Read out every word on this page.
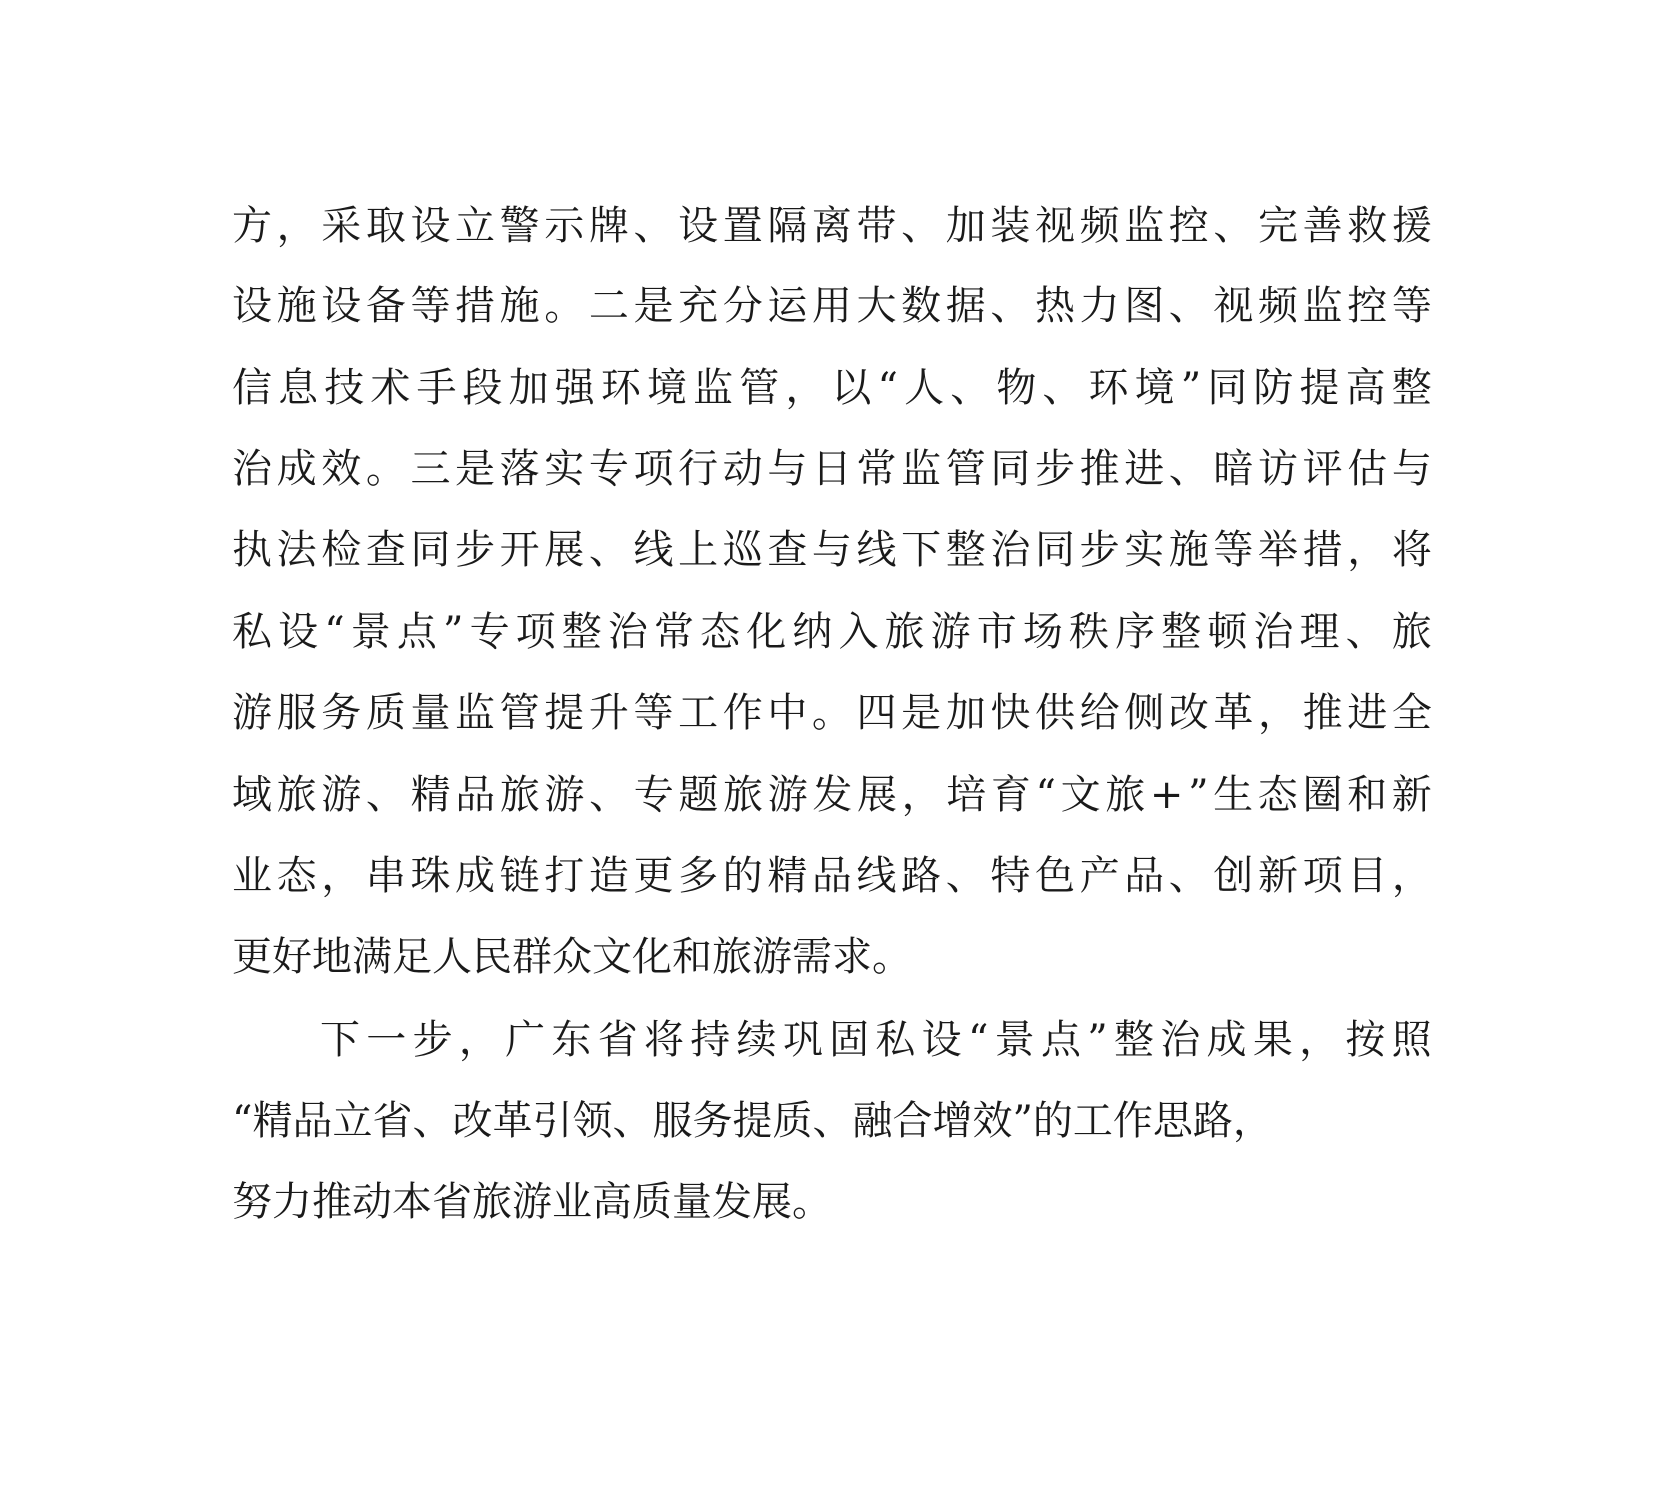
方 ， 采 取 设 立 警 示 牌 、 设 置 隔 离 带 、 加 装 视 频 监 控 、 完 善 救 援
设 施 设 备 等 措 施 。 二 是 充 分 运 用 大 数 据 、 热 力 图 、 视 频 监 控 等
信 息 技 术 手 段 加 强 环 境 监 管 ， 以 “ 人 、 物 、 环 境 ” 同 防 提 高 整
治 成 效 。 三 是 落 实 专 项 行 动 与 日 常 监 管 同 步 推 进 、 暗 访 评 估 与
执 法 检 查 同 步 开 展 、 线 上 巡 查 与 线 下 整 治 同 步 实 施 等 举 措 ， 将
私 设 “ 景 点 ” 专 项 整 治 常 态 化 纳 入 旅 游 市 场 秩 序 整 顿 治 理 、 旅
游 服 务 质 量 监 管 提 升 等 工 作 中 。 四 是 加 快 供 给 侧 改 革 ， 推 进 全
域 旅 游 、 精 品 旅 游 、 专 题 旅 游 发 展 ， 培 育 “ 文 旅 + ” 生 态 圈 和 新
业 态 ， 串 珠 成 链 打 造 更 多 的 精 品 线 路 、 特 色 产 品 、 创 新 项 目 ，
更好地满足人民群众文化和旅游需求。
下 一 步 ， 广 东 省 将 持 续 巩 固 私 设 “ 景 点 ” 整 治 成 果 ， 按 照
“精品立省、改革引领、服务提质、融合增效”的工作思路，
努力推动本省旅游业高质量发展。
